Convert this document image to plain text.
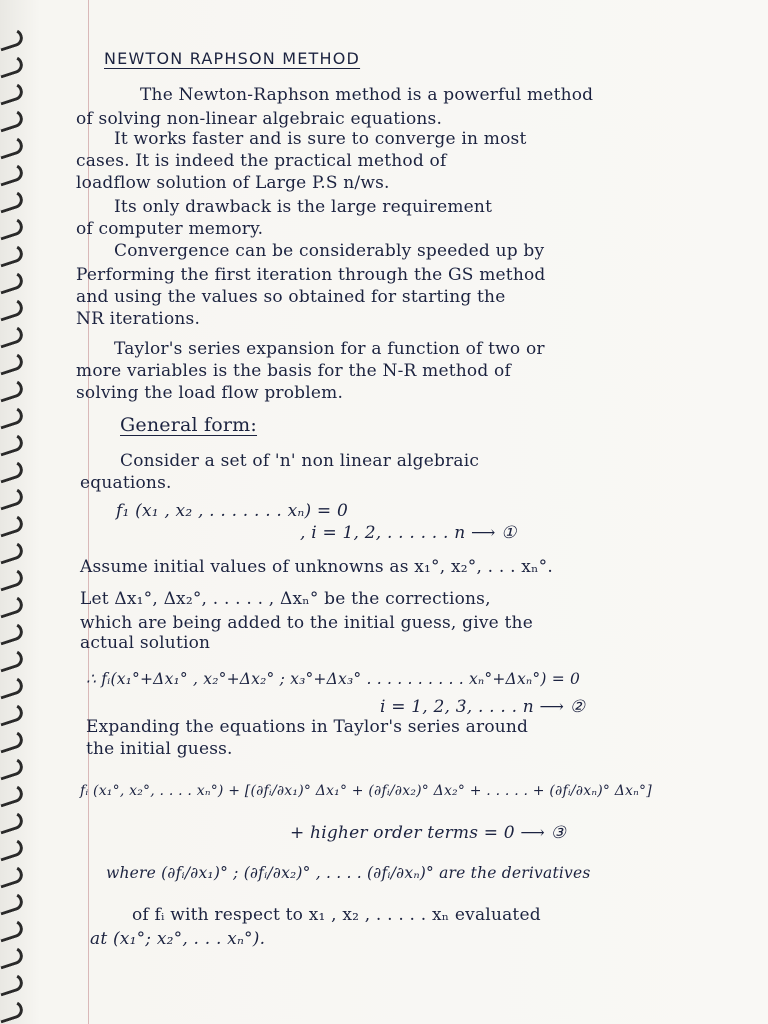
NEWTON RAPHSON METHOD
The Newton-Raphson method is a powerful method
of solving non-linear algebraic equations.
It works faster and is sure to converge in most
cases. It is indeed the practical method of
loadflow solution of Large P.S n/ws.
Its only drawback is the large requirement
of computer memory.
Convergence can be considerably speeded up by
Performing the first iteration through the GS method
and using the values so obtained for starting the
NR iterations.
Taylor's series expansion for a function of two or
more variables is the basis for the N-R method of
solving the load flow problem.
General form:
Consider a set of 'n' non linear algebraic
equations.
f₁ (x₁ , x₂ , . . . . . . . xₙ) = 0
, i = 1, 2, . . . . . . n ⟶ ①
Assume initial values of unknowns as x₁°, x₂°, . . . xₙ°.
Let Δx₁°, Δx₂°, . . . . . , Δxₙ° be the corrections,
which are being added to the initial guess, give the
actual solution
∴ fᵢ(x₁°+Δx₁° , x₂°+Δx₂° ; x₃°+Δx₃° . . . . . . . . . . xₙ°+Δxₙ°) = 0
i = 1, 2, 3, . . . . n ⟶ ②
Expanding the equations in Taylor's series around
the initial guess.
fᵢ (x₁°, x₂°, . . . . xₙ°) + [(∂fᵢ/∂x₁)° Δx₁° + (∂fᵢ/∂x₂)° Δx₂° + . . . . . + (∂fᵢ/∂xₙ)° Δxₙ°]
+ higher order terms = 0 ⟶ ③
where (∂fᵢ/∂x₁)° ; (∂fᵢ/∂x₂)° , . . . . (∂fᵢ/∂xₙ)° are the derivatives
of fᵢ with respect to x₁ , x₂ , . . . . . xₙ evaluated
at (x₁°; x₂°, . . . xₙ°).
